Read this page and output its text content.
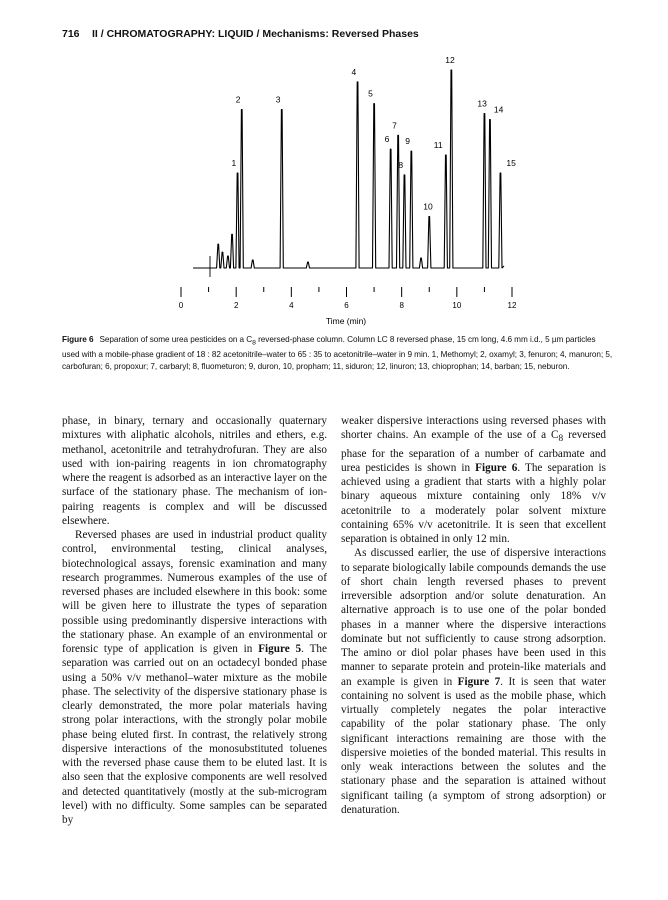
716 II / CHROMATOGRAPHY: LIQUID / Mechanisms: Reversed Phases
0	2	4	6	8	10	12
1
2	3
4
5
6
7
8
9
10
11
12
13
14
15
Time (min)
Figure 6 Separation of some urea pesticides on a $C_8$ reversed-phase column. Column LC 8 reversed phase, 15 cm long, 4.6 mm i.d., 5 µm particles used with a mobile-phase gradient of 18 : 82 acetonitrile–water to 65 : 35 to acetonitrile–water in 9 min. 1, Methomyl; 2, oxamyl; 3, fenuron; 4, manuron; 5, carbofuran; 6, propoxur; 7, carbaryl; 8, fluometuron; 9, duron, 10, propham; 11, siduron; 12, linuron; 13, chioprophan; 14, barban; 15, neburon.

phase, in binary, ternary and occasionally quaternary mixtures with aliphatic alcohols, nitriles and ethers, e.g. methanol, acetonitrile and tetrahydrofuran. They are also used with ion-pairing reagents in ion chromatography where the reagent is adsorbed as an interactive layer on the surface of the stationary phase. The mechanism of ion-pairing reagents is complex and will be discussed elsewhere.

Reversed phases are used in industrial product quality control, environmental testing, clinical analyses, biotechnological assays, forensic examination and many research programmes. Numerous examples of the use of reversed phases are included elsewhere in this book: some will be given here to illustrate the types of separation possible using predominantly dispersive interactions with the stationary phase. An example of an environmental or forensic type of application is given in Figure 5. The separation was carried out on an octadecyl bonded phase using a 50% v/v methanol–water mixture as the mobile phase. The selectivity of the dispersive stationary phase is clearly demonstrated, the more polar materials having strong polar interactions, with the strongly polar mobile phase being eluted first. In contrast, the relatively strong dispersive interactions of the monosubstituted toluenes with the reversed phase cause them to be eluted last. It is also seen that the explosive components are well resolved and detected quantitatively (mostly at the sub-microgram level) with no difficulty. Some samples can be separated by

weaker dispersive interactions using reversed phases with shorter chains. An example of the use of a $C_8$ reversed phase for the separation of a number of carbamate and urea pesticides is shown in Figure 6. The separation is achieved using a gradient that starts with a highly polar binary aqueous mixture containing only 18% v/v acetonitrile to a moderately polar solvent mixture containing 65% v/v acetonitrile. It is seen that excellent separation is obtained in only 12 min.

As discussed earlier, the use of dispersive interactions to separate biologically labile compounds demands the use of short chain length reversed phases to prevent irreversible adsorption and/or solute denaturation. An alternative approach is to use one of the polar bonded phases in a manner where the dispersive interactions dominate but not sufficiently to cause strong adsorption. The amino or diol polar phases have been used in this manner to separate protein and protein-like materials and an example is given in Figure 7. It is seen that water containing no solvent is used as the mobile phase, which virtually completely negates the polar interactive capability of the polar stationary phase. The only significant interactions remaining are those with the dispersive moieties of the bonded material. This results in only weak interactions between the solutes and the stationary phase and the separation is attained without significant tailing (a symptom of strong adsorption) or denaturation.
